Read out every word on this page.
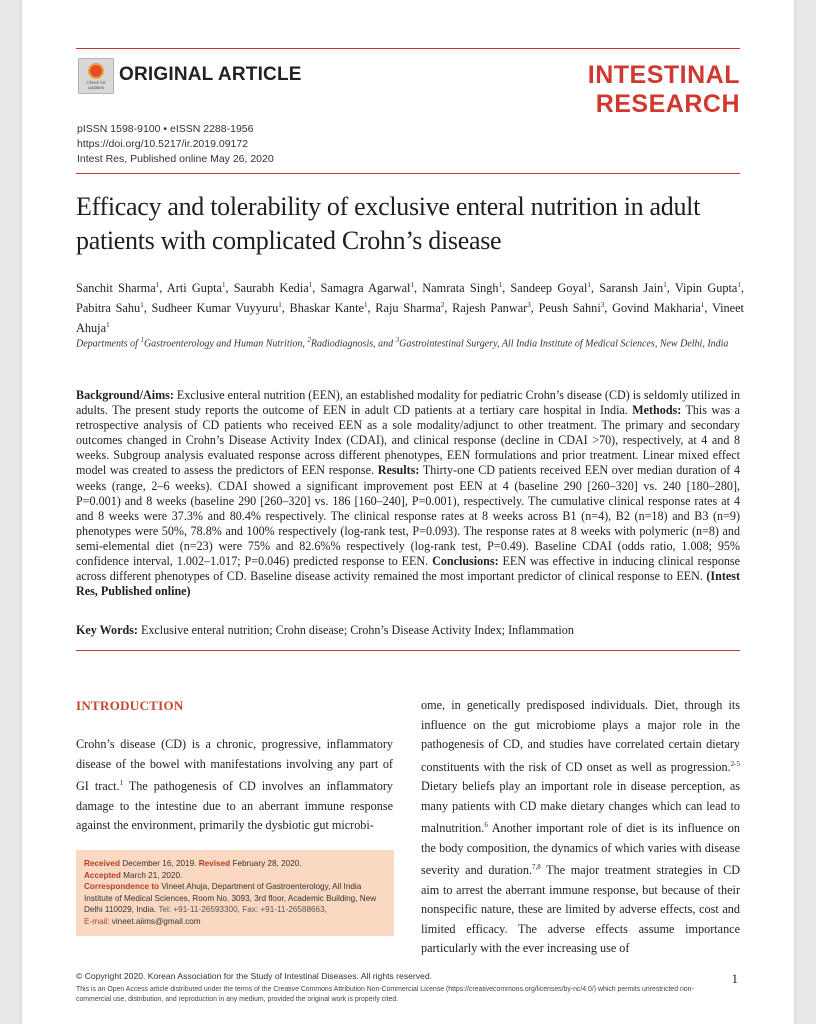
Check for updates
ORIGINAL ARTICLE	INTESTINAL
RESEARCH
pISSN 1598-9100 • eISSN 2288-1956
https://doi.org/10.5217/ir.2019.09172
Intest Res, Published online May 26, 2020
Efficacy and tolerability of exclusive enteral nutrition in adult patients with complicated Crohn’s disease
Sanchit Sharma$^1$, Arti Gupta$^1$, Saurabh Kedia$^1$, Samagra Agarwal$^1$, Namrata Singh$^1$, Sandeep Goyal$^1$, Saransh Jain$^1$, Vipin Gupta$^1$, Pabitra Sahu$^1$, Sudheer Kumar Vuyyuru$^1$, Bhaskar Kante$^1$, Raju Sharma$^2$, Rajesh Panwar$^3$, Peush Sahni$^3$, Govind Makharia$^1$, Vineet Ahuja$^1$
Departments of $^1$Gastroenterology and Human Nutrition, $^2$Radiodiagnosis, and $^3$Gastrointestinal Surgery, All India Institute of Medical Sciences, New Delhi, India

Background/Aims: Exclusive enteral nutrition (EEN), an established modality for pediatric Crohn’s disease (CD) is seldomly utilized in adults. The present study reports the outcome of EEN in adult CD patients at a tertiary care hospital in India. Methods: This was a retrospective analysis of CD patients who received EEN as a sole modality/adjunct to other treatment. The primary and secondary outcomes changed in Crohn’s Disease Activity Index (CDAI), and clinical response (decline in CDAI >70), respectively, at 4 and 8 weeks. Subgroup analysis evaluated response across different phenotypes, EEN formulations and prior treatment. Linear mixed effect model was created to assess the predictors of EEN response. Results: Thirty-one CD patients received EEN over median duration of 4 weeks (range, 2–6 weeks). CDAI showed a significant improvement post EEN at 4 (baseline 290 [260–320] vs. 240 [180–280], P=0.001) and 8 weeks (baseline 290 [260–320] vs. 186 [160–240], P=0.001), respectively. The cumulative clinical response rates at 4 and 8 weeks were 37.3% and 80.4% respectively. The clinical response rates at 8 weeks across B1 (n=4), B2 (n=18) and B3 (n=9) phenotypes were 50%, 78.8% and 100% respectively (log-rank test, P=0.093). The response rates at 8 weeks with polymeric (n=8) and semi-elemental diet (n=23) were 75% and 82.6%% respectively (log-rank test, P=0.49). Baseline CDAI (odds ratio, 1.008; 95% confidence interval, 1.002–1.017; P=0.046) predicted response to EEN. Conclusions: EEN was effective in inducing clinical response across different phenotypes of CD. Baseline disease activity remained the most important predictor of clinical response to EEN. (Intest Res, Published online)

Key Words: Exclusive enteral nutrition; Crohn disease; Crohn’s Disease Activity Index; Inflammation
INTRODUCTION

Crohn’s disease (CD) is a chronic, progressive, inflammatory disease of the bowel with manifestations involving any part of GI tract.$^1$ The pathogenesis of CD involves an inflammatory damage to the intestine due to an aberrant immune response against the environment, primarily the dysbiotic gut microbi-

ome, in genetically predisposed individuals. Diet, through its influence on the gut microbiome plays a major role in the pathogenesis of CD, and studies have correlated certain dietary constituents with the risk of CD onset as well as progression.$^{2-5}$ Dietary beliefs play an important role in disease perception, as many patients with CD make dietary changes which can lead to malnutrition.$^6$ Another important role of diet is its influence on the body composition, the dynamics of which varies with disease severity and duration.$^{7,8}$ The major treatment strategies in CD aim to arrest the aberrant immune response, but because of their nonspecific nature, these are limited by adverse effects, cost and limited efficacy. The adverse effects assume importance particularly with the ever increasing use of

Received December 16, 2019. Revised February 28, 2020.
Accepted March 21, 2020.
Correspondence to Vineet Ahuja, Department of Gastroenterology, All India Institute of Medical Sciences, Room No. 3093, 3rd floor, Academic Building, New Delhi 110029, India. Tel: +91-11-26593300, Fax: +91-11-26588663,
E-mail: vineet.aiims@gmail.com
© Copyright 2020. Korean Association for the Study of Intestinal Diseases. All rights reserved.
This is an Open Access article distributed under the terms of the Creative Commons Attribution Non-Commercial License (https://creativecommons.org/licenses/by-nc/4.0/) which permits unrestricted non-commercial use, distribution, and reproduction in any medium, provided the original work is properly cited.
1
